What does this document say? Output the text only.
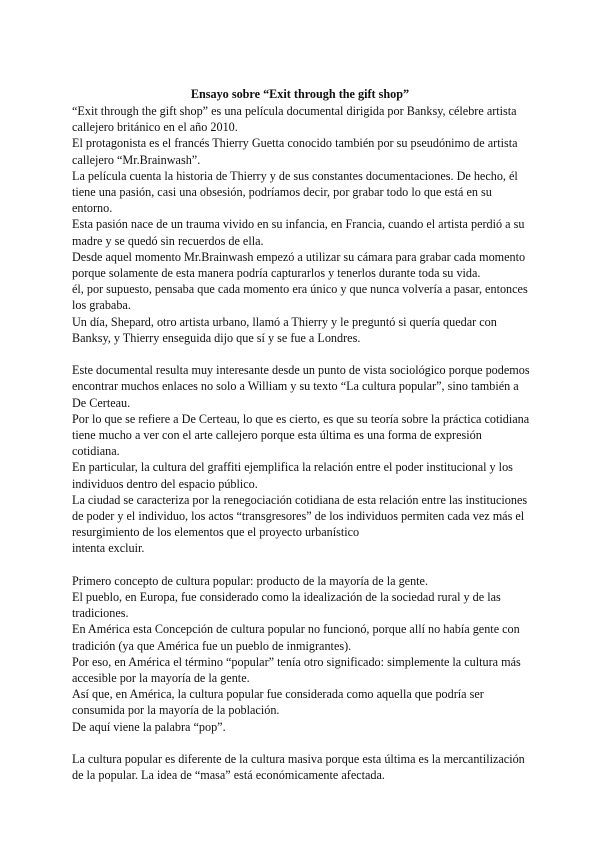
Ensayo sobre “Exit through the gift shop”

“Exit through the gift shop” es una película documental dirigida por Banksy, célebre artista callejero británico en el año 2010.

El protagonista es el francés Thierry Guetta conocido también por su pseudónimo de artista callejero “Mr.Brainwash”.

La película cuenta la historia de Thierry y de sus constantes documentaciones. De hecho, él tiene una pasión, casi una obsesión, podríamos decir, por grabar todo lo que está en su entorno.

Esta pasión nace de un trauma vivido en su infancia, en Francia, cuando el artista perdió a su madre y se quedó sin recuerdos de ella.

Desde aquel momento Mr.Brainwash empezó a utilizar su cámara para grabar cada momento porque solamente de esta manera podría capturarlos y tenerlos durante toda su vida.

él, por supuesto, pensaba que cada momento era único y que nunca volvería a pasar, entonces los grababa.

Un día, Shepard, otro artista urbano, llamó a Thierry y le preguntó si quería quedar con Banksy, y Thierry enseguida dijo que sí y se fue a Londres.

Este documental resulta muy interesante desde un punto de vista sociológico porque podemos encontrar muchos enlaces no solo a William y su texto “La cultura popular”, sino también a De Certeau.

Por lo que se refiere a De Certeau, lo que es cierto, es que su teoría sobre la práctica cotidiana tiene mucho a ver con el arte callejero porque esta última es una forma de expresión cotidiana.

En particular, la cultura del graffiti ejemplifica la relación entre el poder institucional y los individuos dentro del espacio público.

La ciudad se caracteriza por la renegociación cotidiana de esta relación entre las instituciones de poder y el individuo, los actos “transgresores” de los individuos permiten cada vez más el resurgimiento de los elementos que el proyecto urbanístico

intenta excluir.

Primero concepto de cultura popular: producto de la mayoría de la gente.

El pueblo, en Europa, fue considerado como la idealización de la sociedad rural y de las tradiciones.

En América esta Concepción de cultura popular no funcionó, porque allí no había gente con tradición (ya que América fue un pueblo de inmigrantes).

Por eso, en América el término “popular” tenía otro significado: simplemente la cultura más accesible por la mayoría de la gente.

Así que, en América, la cultura popular fue considerada como aquella que podría ser consumida por la mayoría de la población.

De aquí viene la palabra “pop”.

La cultura popular es diferente de la cultura masiva porque esta última es la mercantilización de la popular. La idea de “masa” está económicamente afectada.
